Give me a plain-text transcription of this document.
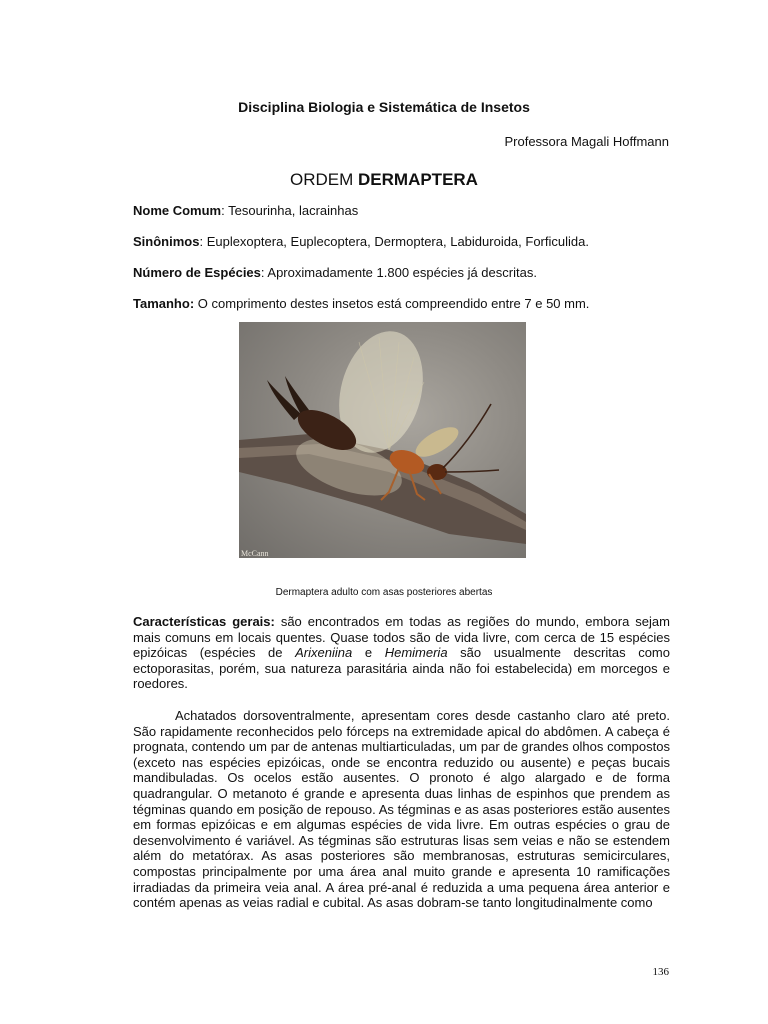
Disciplina Biologia e Sistemática de Insetos
Professora Magali Hoffmann
ORDEM DERMAPTERA
Nome Comum: Tesourinha, lacrainhas
Sinônimos: Euplexoptera, Euplecoptera, Dermoptera, Labiduroida, Forficulida.
Número de Espécies: Aproximadamente 1.800 espécies já descritas.
Tamanho: O comprimento destes insetos está compreendido entre 7 e 50 mm.
McCann
Dermaptera adulto com asas posteriores abertas

Características gerais: são encontrados em todas as regiões do mundo, embora sejam mais comuns em locais quentes. Quase todos são de vida livre, com cerca de 15 espécies epizóicas (espécies de Arixeniina e Hemimeria são usualmente descritas como ectoporasitas, porém, sua natureza parasitária ainda não foi estabelecida) em morcegos e roedores.

Achatados dorsoventralmente, apresentam cores desde castanho claro até preto. São rapidamente reconhecidos pelo fórceps na extremidade apical do abdômen. A cabeça é prognata, contendo um par de antenas multiarticuladas, um par de grandes olhos compostos (exceto nas espécies epizóicas, onde se encontra reduzido ou ausente) e peças bucais mandibuladas. Os ocelos estão ausentes. O pronoto é algo alargado e de forma quadrangular. O metanoto é grande e apresenta duas linhas de espinhos que prendem as tégminas quando em posição de repouso. As tégminas e as asas posteriores estão ausentes em formas epizóicas e em algumas espécies de vida livre. Em outras espécies o grau de desenvolvimento é variável. As tégminas são estruturas lisas sem veias e não se estendem além do metatórax. As asas posteriores são membranosas, estruturas semicirculares, compostas principalmente por uma área anal muito grande e apresenta 10 ramificações irradiadas da primeira veia anal. A área pré-anal é reduzida a uma pequena área anterior e contém apenas as veias radial e cubital. As asas dobram-se tanto longitudinalmente como

136
